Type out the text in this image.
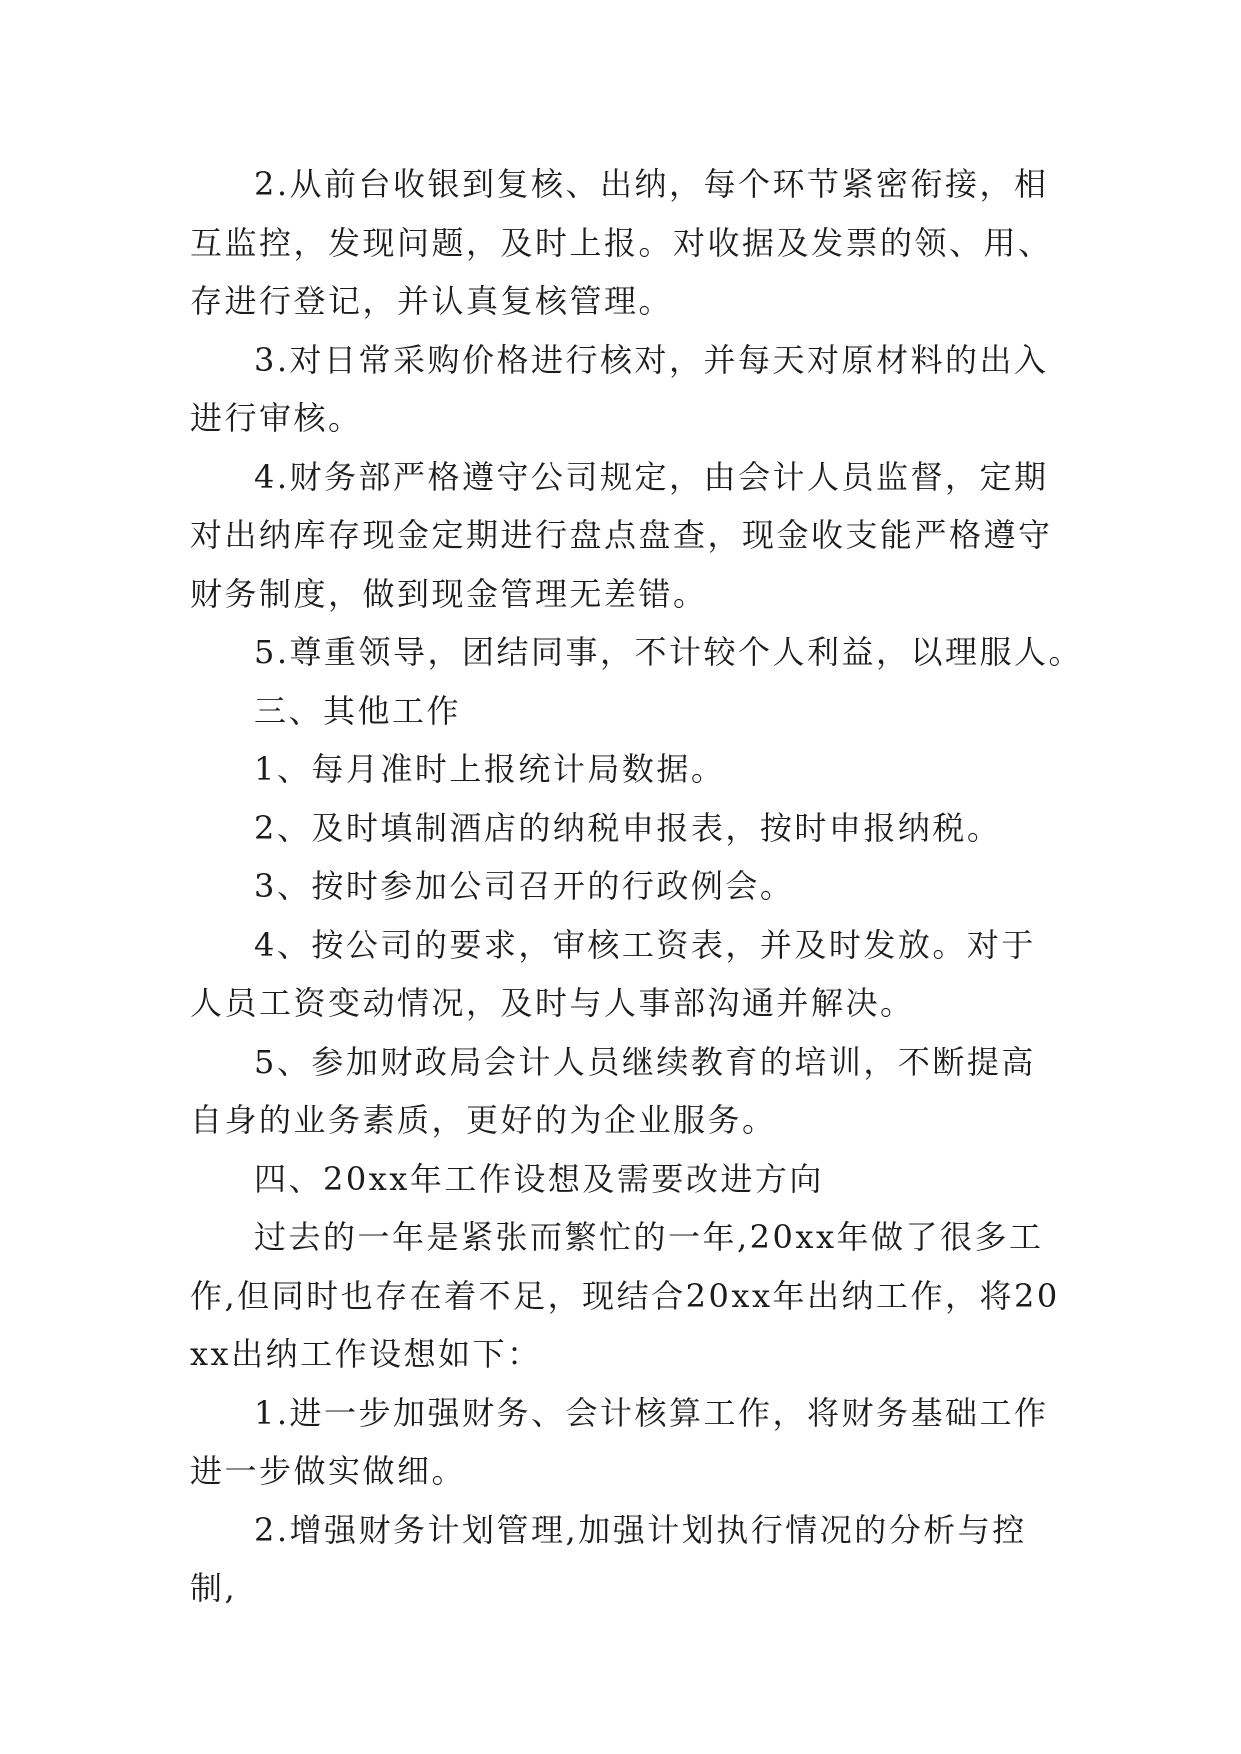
2.从前台收银到复核、出纳，每个环节紧密衔接，相互监控，发现问题，及时上报。对收据及发票的领、用、存进行登记，并认真复核管理。

3.对日常采购价格进行核对，并每天对原材料的出入进行审核。

4.财务部严格遵守公司规定，由会计人员监督，定期对出纳库存现金定期进行盘点盘查，现金收支能严格遵守财务制度，做到现金管理无差错。

5.尊重领导，团结同事，不计较个人利益，以理服人。

三、其他工作

1、每月准时上报统计局数据。

2、及时填制酒店的纳税申报表，按时申报纳税。

3、按时参加公司召开的行政例会。

4、按公司的要求，审核工资表，并及时发放。对于人员工资变动情况，及时与人事部沟通并解决。

5、参加财政局会计人员继续教育的培训，不断提高自身的业务素质，更好的为企业服务。

四、20xx年工作设想及需要改进方向

过去的一年是紧张而繁忙的一年,20xx年做了很多工作,但同时也存在着不足，现结合20xx年出纳工作，将20xx出纳工作设想如下：

1.进一步加强财务、会计核算工作，将财务基础工作进一步做实做细。

2.增强财务计划管理,加强计划执行情况的分析与控制,
